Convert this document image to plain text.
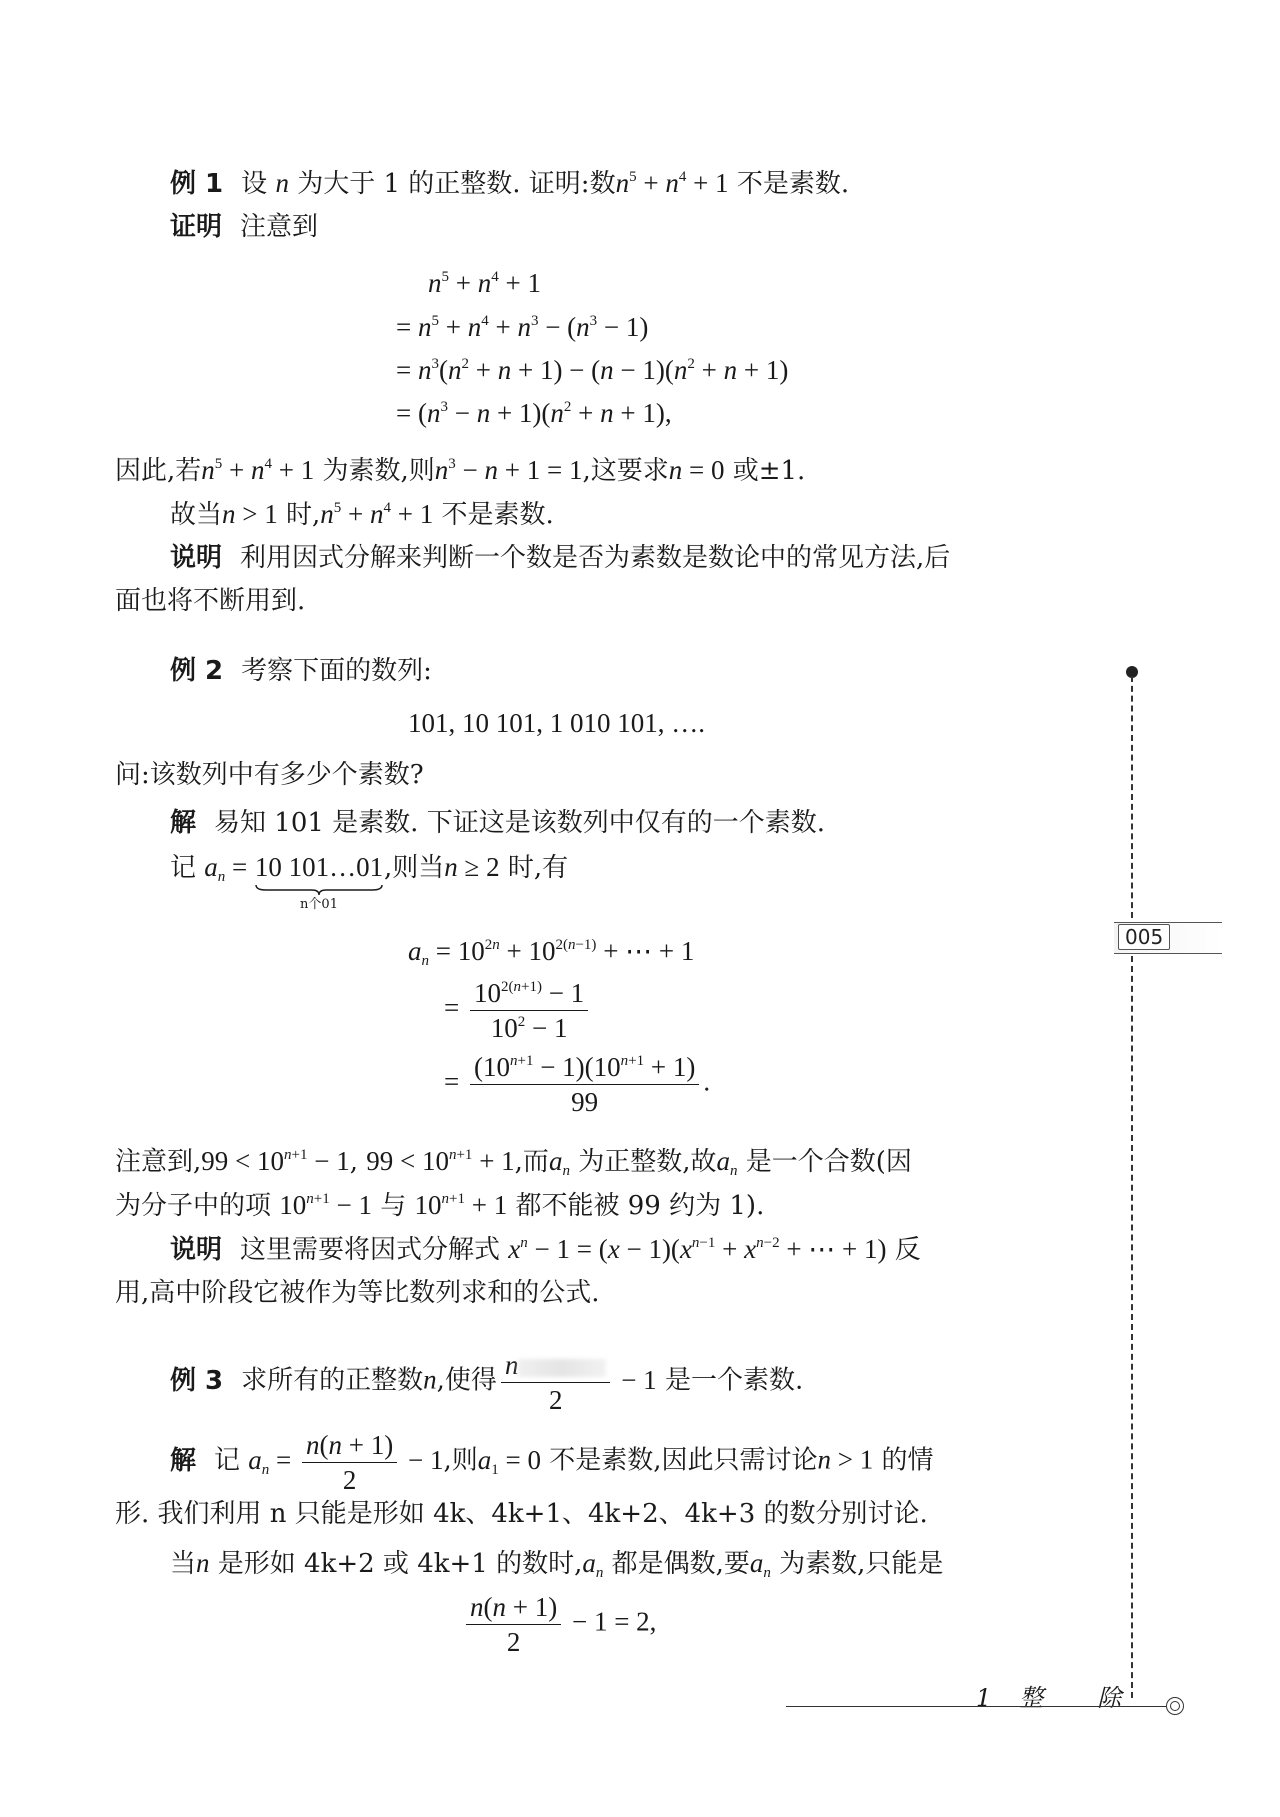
例 1 设 n 为大于 1 的正整数. 证明:数$n^5 + n^4 + 1$ 不是素数.
证明 注意到
$n^5 + n^4 + 1$
= $n^5 + n^4 + n^3 - (n^3 - 1)$
= $n^3(n^2 + n + 1) - (n - 1)(n^2 + n + 1)$
= $(n^3 - n + 1)(n^2 + n + 1)$,
因此,若$n^5 + n^4 + 1$ 为素数,则$n^3 - n + 1 = 1$,这要求n = 0 或±1.
故当n > 1 时$,n^5 + n^4 + 1$ 不是素数.
说明 利用因式分解来判断一个数是否为素数是数论中的常见方法,后
面也将不断用到.
例 2 考察下面的数列:
101, 10 101, 1 010 101, ….
问:该数列中有多少个素数?
解 易知 101 是素数. 下证这是该数列中仅有的一个素数.
记 $a_n = 10$ 101…01
n个01
,则当n ≥ 2 时,有
$a_n = 10^{2n} + 10^{2(n-1)}$ + ⋯ + 1
= $\frac{10^{2(n+1)} - 1}{10^2 - 1}$
= $\frac{(10^{n+1} - 1)(10^{n+1} + 1)}{99}$ .
注意到$,99 < 10^{n+1} - 1$, $99 < 10^{n+1} + 1$,而$a_n$ 为正整数,故$a_n$ 是一个合数(因
为分子中的项 $10^{n+1} - 1$ 与 $10^{n+1} + 1$ 都不能被 99 约为 1).
说明 这里需要将因式分解式 $x^n - 1 = (x - 1)(x^{n-1} + x^{n-2}$ + ⋯ + 1) 反
用,高中阶段它被作为等比数列求和的公式.
例 3 求所有的正整数n,使得 $\frac{n}{2} - 1$ 是一个素数.
解 记 $a_n = \frac{n(n + 1)}{2} - 1$,则$a_1 = 0$ 不是素数,因此只需讨论n > 1 的情
形. 我们利用 n 只能是形如 4k、4k+1、4k+2、4k+3 的数分别讨论.
当n 是形如 4k+2 或 4k+1 的数时$,a_n$ 都是偶数,要$a_n$ 为素数,只能是
$\frac{n(n + 1)}{2} - 1 = 2$,
005
1　整　　除
